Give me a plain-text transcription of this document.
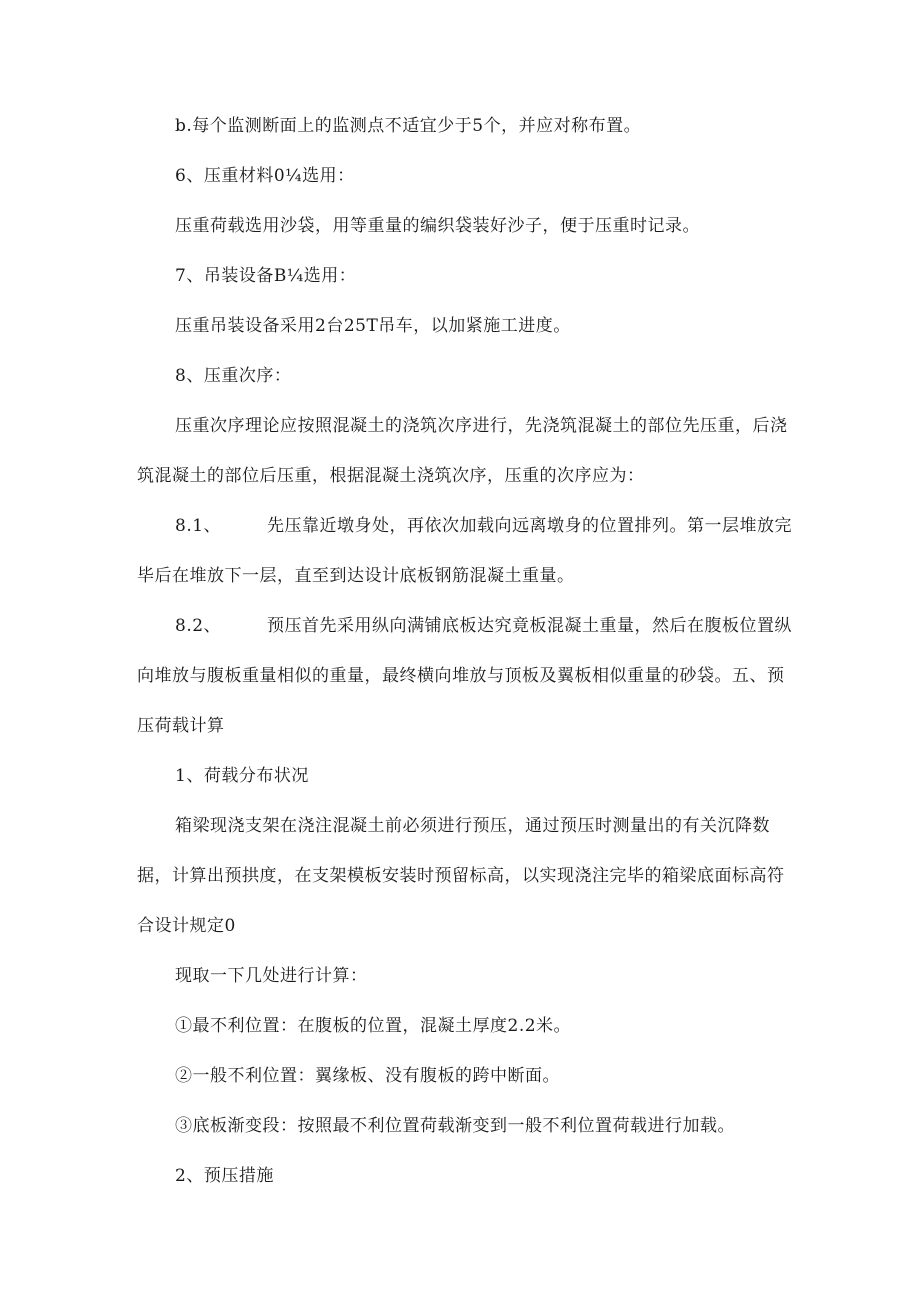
b.每个监测断面上的监测点不适宜少于5个，并应对称布置。

6、压重材料0¼选用：

压重荷载选用沙袋，用等重量的编织袋装好沙子，便于压重时记录。

7、吊装设备B¼选用：

压重吊装设备采用2台25T吊车，以加紧施工进度。

8、压重次序：

压重次序理论应按照混凝土的浇筑次序进行，先浇筑混凝土的部位先压重，后浇筑混凝土的部位后压重，根据混凝土浇筑次序，压重的次序应为：

8.1、	先压靠近墩身处，再依次加载向远离墩身的位置排列。第一层堆放完毕后在堆放下一层，直至到达设计底板钢筋混凝土重量。

8.2、	预压首先采用纵向满铺底板达究竟板混凝土重量，然后在腹板位置纵向堆放与腹板重量相似的重量，最终横向堆放与顶板及翼板相似重量的砂袋。五、预压荷载计算

1、荷载分布状况

箱梁现浇支架在浇注混凝土前必须进行预压，通过预压时测量出的有关沉降数据，计算出预拱度，在支架模板安装时预留标高，以实现浇注完毕的箱梁底面标高符合设计规定0

现取一下几处进行计算：

①最不利位置：在腹板的位置，混凝土厚度2.2米。

②一般不利位置：翼缘板、没有腹板的跨中断面。

③底板渐变段：按照最不利位置荷载渐变到一般不利位置荷载进行加载。

2、预压措施
